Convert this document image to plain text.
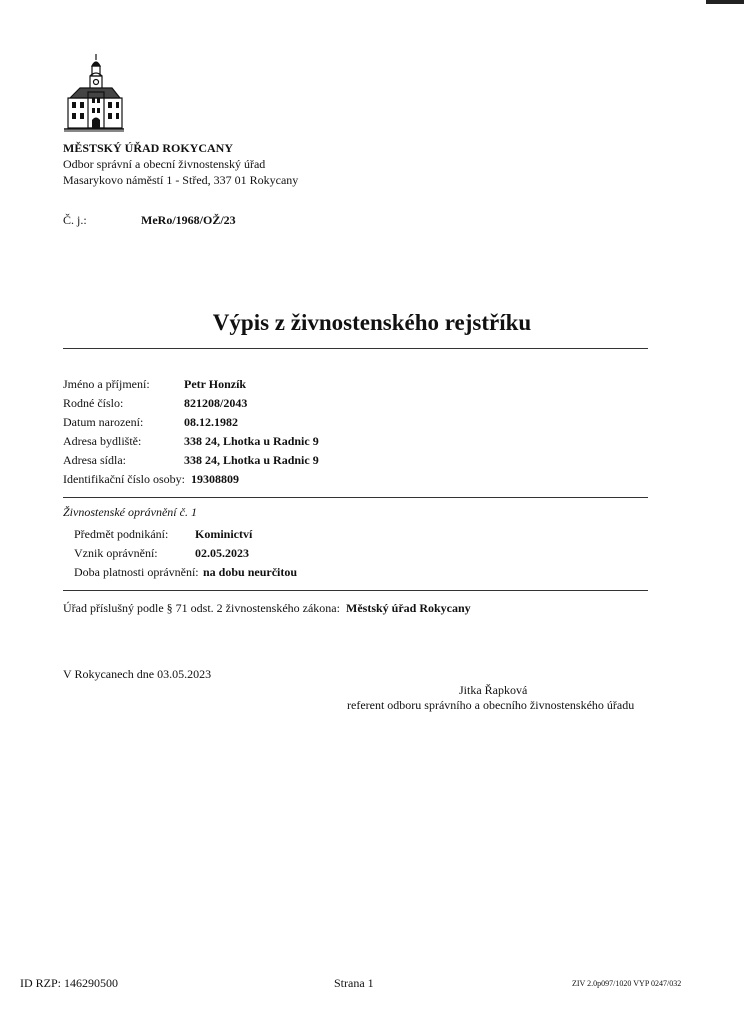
MĚSTSKÝ ÚŘAD ROKYCANY
Odbor správní a obecní živnostenský úřad
Masarykovo náměstí 1 - Střed, 337 01 Rokycany
Č. j.:	MeRo/1968/OŽ/23
Výpis z živnostenského rejstříku
Jméno a příjmení:	Petr Honzík
Rodné číslo:	821208/2043
Datum narození:	08.12.1982
Adresa bydliště:	338 24, Lhotka u Radnic 9
Adresa sídla:	338 24, Lhotka u Radnic 9
Identifikační číslo osoby: 19308809
Živnostenské oprávnění č. 1
Předmět podnikání: Kominictví
Vznik oprávnění:	02.05.2023
Doba platnosti oprávnění: na dobu neurčitou
Úřad příslušný podle § 71 odst. 2 živnostenského zákona: Městský úřad Rokycany
V Rokycanech dne 03.05.2023
Jitka Řapková
referent odboru správního a obecního živnostenského úřadu
ID RZP: 146290500	Strana 1	ZIV 2.0p097/1020 VYP 0247/032
